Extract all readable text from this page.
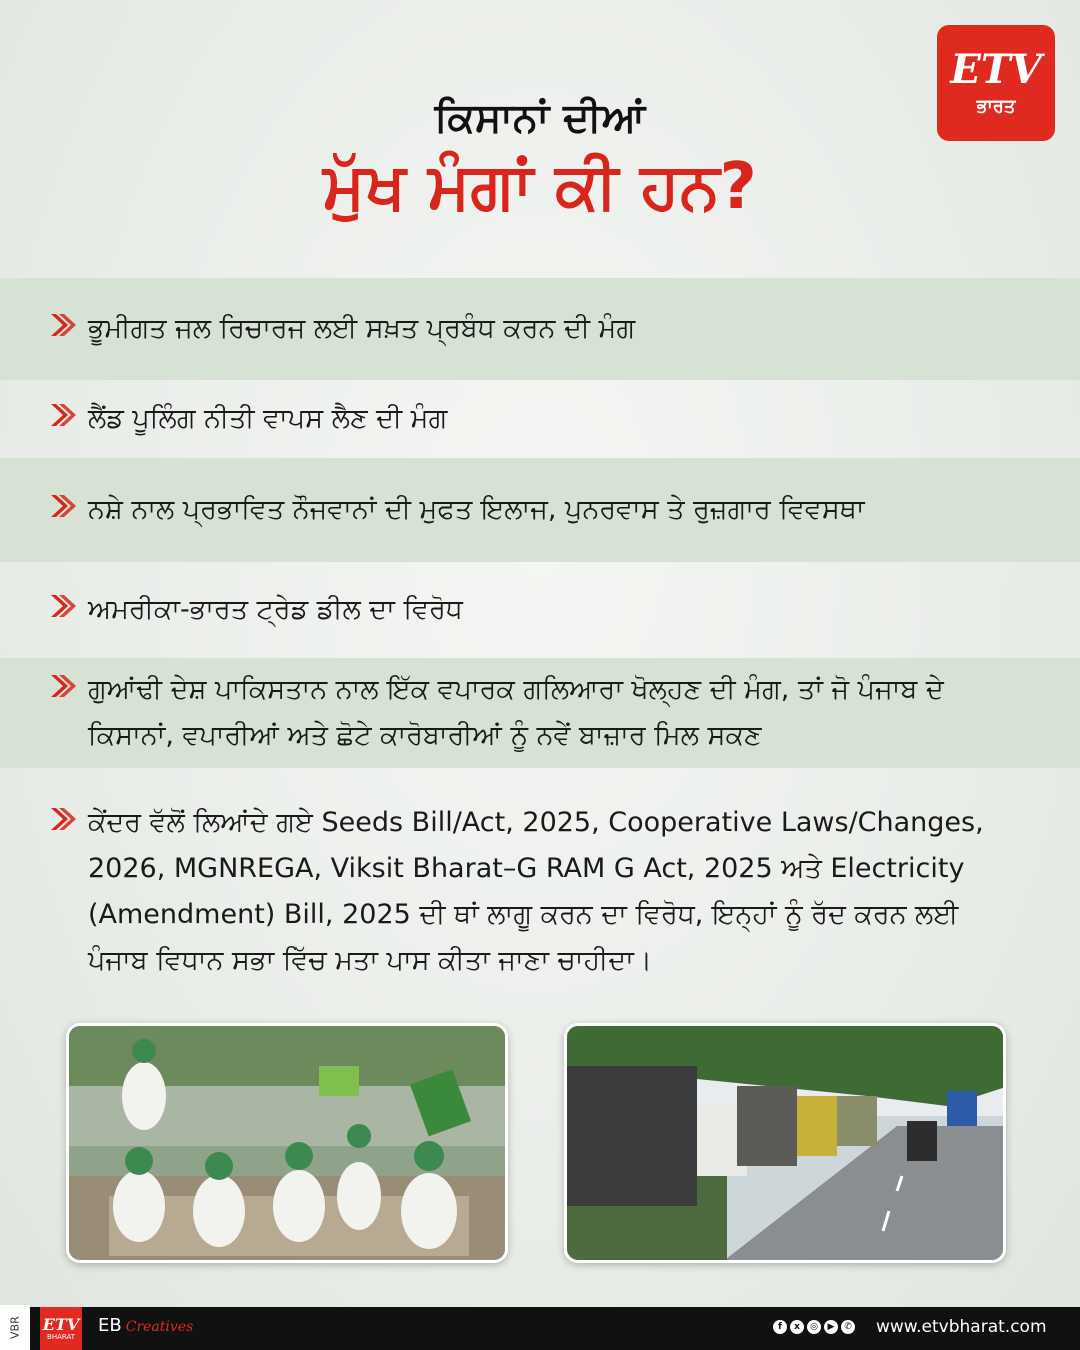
ETV
ਭਾਰਤ
ਕਿਸਾਨਾਂ ਦੀਆਂ
ਮੁੱਖ ਮੰਗਾਂ ਕੀ ਹਨ?
ਭੂਮੀਗਤ ਜਲ ਰਿਚਾਰਜ ਲਈ ਸਖ਼ਤ ਪ੍ਰਬੰਧ ਕਰਨ ਦੀ ਮੰਗ
ਲੈਂਡ ਪੂਲਿੰਗ ਨੀਤੀ ਵਾਪਸ ਲੈਣ ਦੀ ਮੰਗ
ਨਸ਼ੇ ਨਾਲ ਪ੍ਰਭਾਵਿਤ ਨੌਜਵਾਨਾਂ ਦੀ ਮੁਫਤ ਇਲਾਜ, ਪੁਨਰਵਾਸ ਤੇ ਰੁਜ਼ਗਾਰ ਵਿਵਸਥਾ
ਅਮਰੀਕਾ-ਭਾਰਤ ਟ੍ਰੇਡ ਡੀਲ ਦਾ ਵਿਰੋਧ
ਗੁਆਂਢੀ ਦੇਸ਼ ਪਾਕਿਸਤਾਨ ਨਾਲ ਇੱਕ ਵਪਾਰਕ ਗਲਿਆਰਾ ਖੋਲ੍ਹਣ ਦੀ ਮੰਗ, ਤਾਂ ਜੋ ਪੰਜਾਬ ਦੇ ਕਿਸਾਨਾਂ, ਵਪਾਰੀਆਂ ਅਤੇ ਛੋਟੇ ਕਾਰੋਬਾਰੀਆਂ ਨੂੰ ਨਵੇਂ ਬਾਜ਼ਾਰ ਮਿਲ ਸਕਣ
ਕੇਂਦਰ ਵੱਲੋਂ ਲਿਆਂਦੇ ਗਏ Seeds Bill/Act, 2025, Cooperative Laws/Changes, 2026, MGNREGA, Viksit Bharat–G RAM G Act, 2025 ਅਤੇ Electricity (Amendment) Bill, 2025 ਦੀ ਥਾਂ ਲਾਗੂ ਕਰਨ ਦਾ ਵਿਰੋਧ, ਇਨ੍ਹਾਂ ਨੂੰ ਰੱਦ ਕਰਨ ਲਈ ਪੰਜਾਬ ਵਿਧਾਨ ਸਭਾ ਵਿੱਚ ਮਤਾ ਪਾਸ ਕੀਤਾ ਜਾਣਾ ਚਾਹੀਦਾ।
VBR	ETV
BHARAT
EB Creatives	f	x	◎	▶	✆ www.etvbharat.com
